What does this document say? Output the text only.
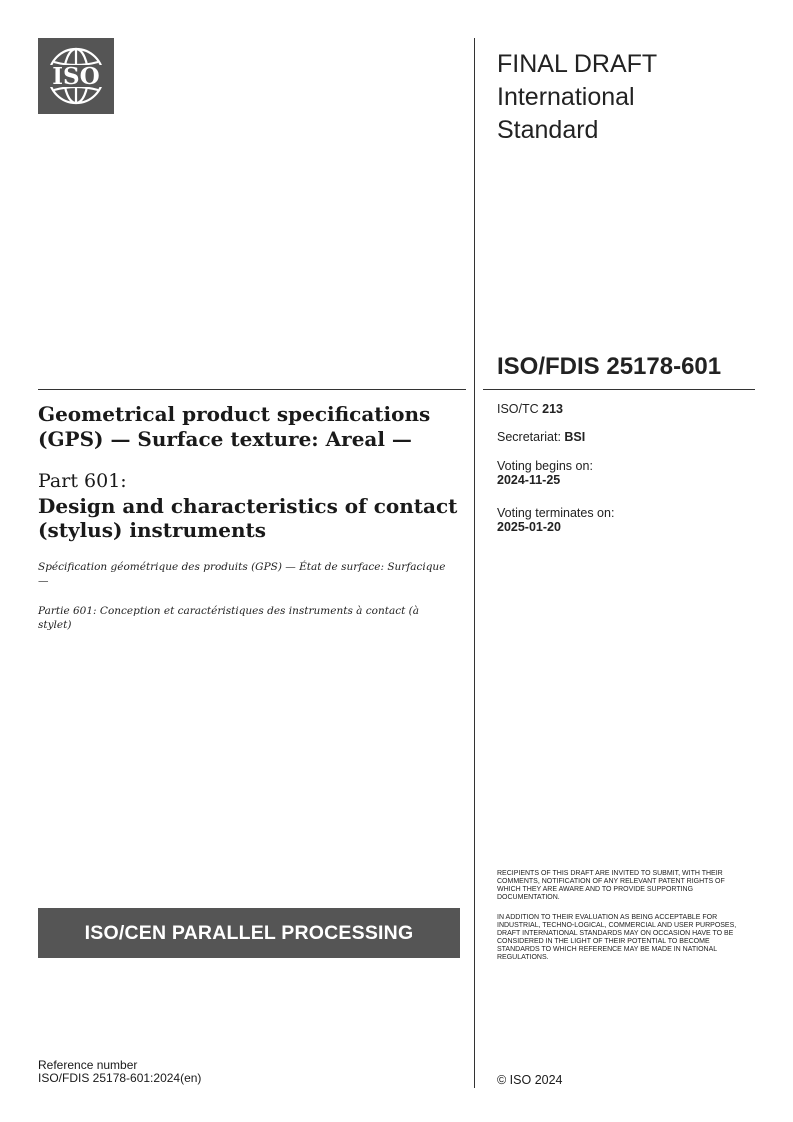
ISO	FINAL DRAFT
International
Standard
ISO/FDIS 25178-601
Geometrical product specifications (GPS) — Surface texture: Areal —
Part 601:
Design and characteristics of contact (stylus) instruments
Spécification géométrique des produits (GPS) — État de surface: Surfacique —
Partie 601: Conception et caractéristiques des instruments à contact (à stylet)
ISO/TC 213
Secretariat: BSI
Voting begins on:
2024-11-25
Voting terminates on:
2025-01-20
RECIPIENTS OF THIS DRAFT ARE INVITED TO SUBMIT, WITH THEIR COMMENTS, NOTIFICATION OF ANY RELEVANT PATENT RIGHTS OF WHICH THEY ARE AWARE AND TO PROVIDE SUPPORTING DOCUMENTATION.
IN ADDITION TO THEIR EVALUATION AS BEING ACCEPTABLE FOR INDUSTRIAL, TECHNO-LOGICAL, COMMERCIAL AND USER PURPOSES, DRAFT INTERNATIONAL STANDARDS MAY ON OCCASION HAVE TO BE CONSIDERED IN THE LIGHT OF THEIR POTENTIAL TO BECOME STANDARDS TO WHICH REFERENCE MAY BE MADE IN NATIONAL REGULATIONS.
ISO/CEN PARALLEL PROCESSING
Reference number
ISO/FDIS 25178-601:2024(en)	© ISO 2024
